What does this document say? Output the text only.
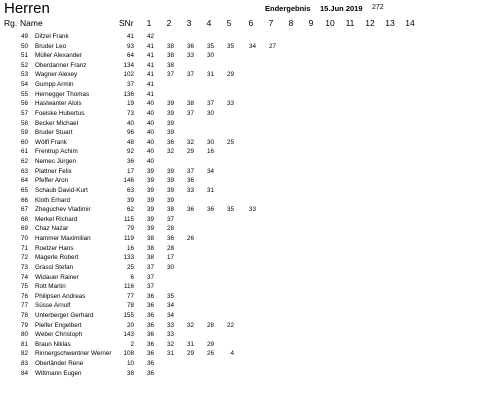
Herren	Endergebnis 15.Jun 2019 272
Rg. Name	SNr	1	2	3	4	5	6	7	8	9	10	11	12 13 14
49 Ditzel Frank	41	42
50 Bruder Leo	93	41	38	36	35	35	34	27
51 Müller Alexander	64	41	38	33	30
52 Oberdanner Franz	134	41	38
53 Wagner Alexey	102	41	37	37	31	29
54 Gumpp Armin	37	41
55 Hernegger Thomas	136	41
56 Haslwanter Alois	19	40	39	38	37	33
57 Foelske Hubertus	73	40	39	37	30
58 Becker Michael	40	40	39
59 Bruder Stuart	96	40	39
60 Wölfl Frank	48	40	36	32	30	25
61 Frentrup Achim	92	40	32	29	16
62 Nemec Jürgen	36	40
63 Plattner Felix	17	39	39	37	34
64 Pfeffer Aron	146	39	39	36
65 Schaub David-Kurt	63	39	39	33	31
66 Kloth Erhard	39	39	39
67 Zheguchev Vladimir	62	39	38	36	36	35	33
68 Merkel Richard	115	39	37
69 Chaz Nazar	79	39	28
70 Hammer Maximilian	119	38	36	26
71 Roetzer Hans	16	38	28
72 Magerle Robert	133	38	17
73 Grassl Stefan	25	37	30
74 Widauer Rainer	6	37
75 Rott Martin	116	37
76 Philipsen Andreas	77	36	35
77 Süsse Arnulf	78	36	34
78 Unterberger Gerhard	155	36	34
79 Pleifer Engelbert	20	36	33	32	28	22
80 Weber Christoph	143	36	33
81 Braun Niklas	2	36	32	31	29
82 Rinnergschwentner Werner	108	36	31	29	26	4
83 Oberländer Rene	10	36
84 Wittmann Eugen	38	36
